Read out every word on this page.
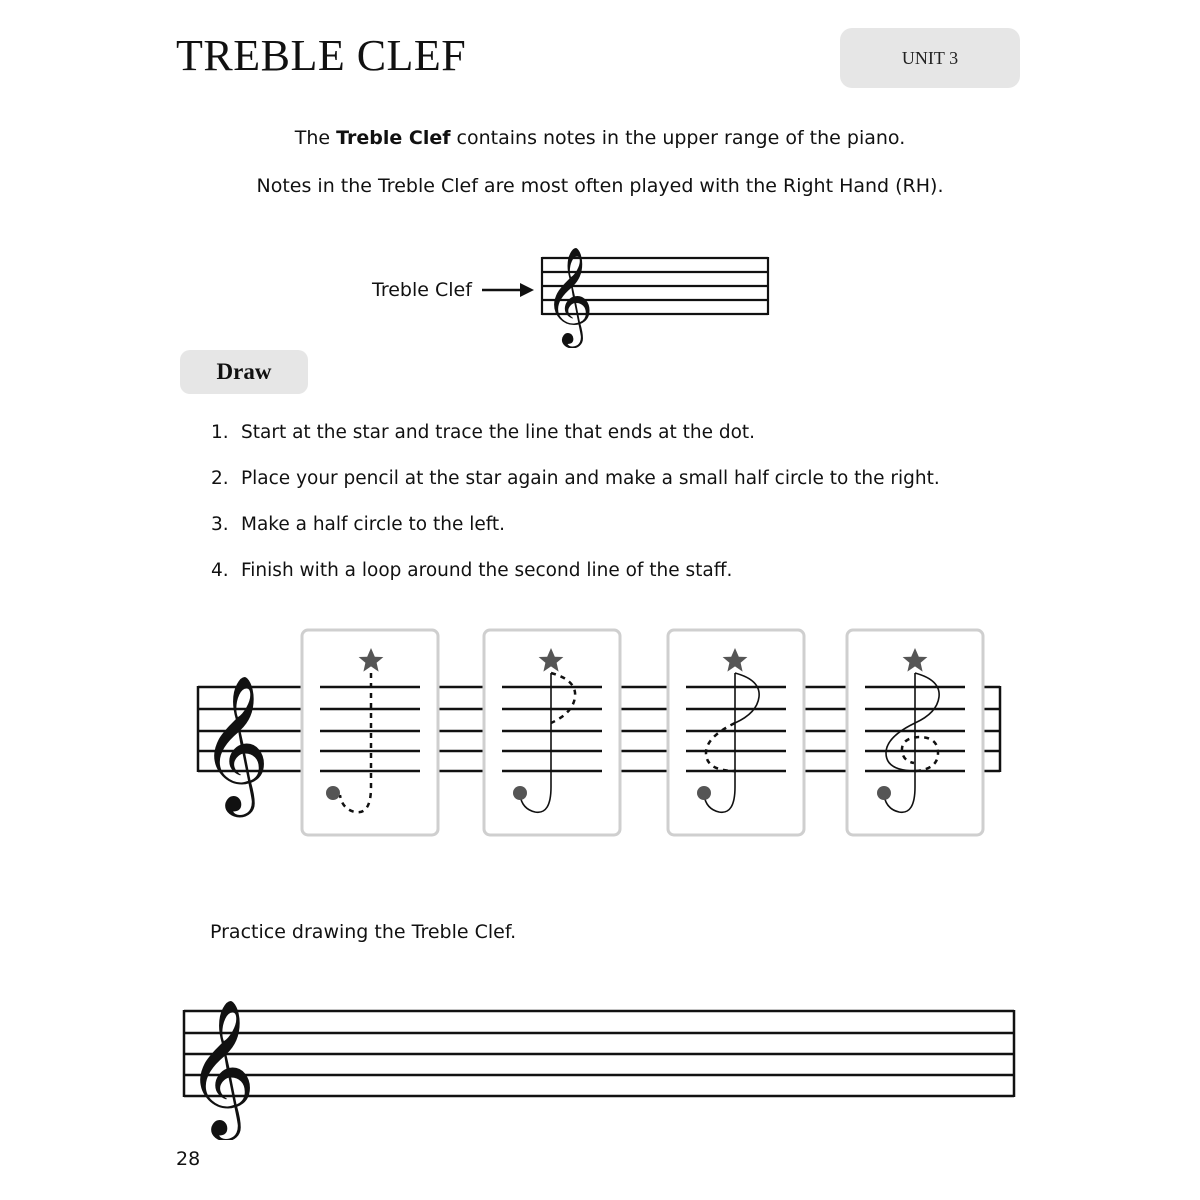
TREBLE CLEF	UNIT 3

The Treble Clef contains notes in the upper range of the piano.

Notes in the Treble Clef are most often played with the Right Hand (RH).

Treble Clef 𝄞
Draw
1. Start at the star and trace the line that ends at the dot.
2. Place your pencil at the star again and make a small half circle to the right.
3. Make a half circle to the left.
4. Finish with a loop around the second line of the staff.
𝄞

Practice drawing the Treble Clef.

𝄞
28
